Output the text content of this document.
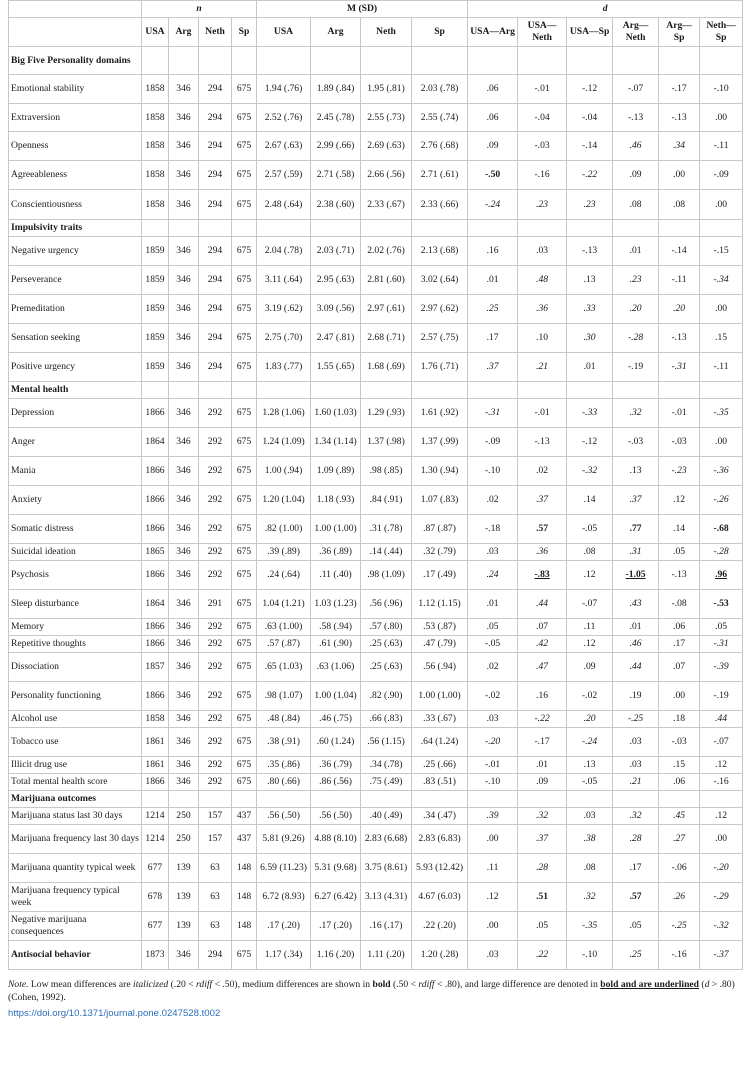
	n				M (SD)				d					
	USA	Arg	Neth	Sp	USA	Arg	Neth	Sp	USA—Arg	USA—Neth	USA—Sp	Arg—Neth	Arg—Sp	Neth—Sp
Big Five Personality domains														
Emotional stability	1858	346	294	675	1.94 (.76)	1.89 (.84)	1.95 (.81)	2.03 (.78)	.06	-.01	-.12	-.07	-.17	-.10
Extraversion	1858	346	294	675	2.52 (.76)	2.45 (.78)	2.55 (.73)	2.55 (.74)	.06	-.04	-.04	-.13	-.13	.00
Openness	1858	346	294	675	2.67 (.63)	2.99 (.66)	2.69 (.63)	2.76 (.68)	.09	-.03	-.14	.46	.34	-.11
Agreeableness	1858	346	294	675	2.57 (.59)	2.71 (.58)	2.66 (.56)	2.71 (.61)	-.50	-.16	-.22	.09	.00	-.09
Conscientiousness	1858	346	294	675	2.48 (.64)	2.38 (.60)	2.33 (.67)	2.33 (.66)	-.24	.23	.23	.08	.08	.00
Impulsivity traits														
Negative urgency	1859	346	294	675	2.04 (.78)	2.03 (.71)	2.02 (.76)	2.13 (.68)	.16	.03	-.13	.01	-.14	-.15
Perseverance	1859	346	294	675	3.11 (.64)	2.95 (.63)	2.81 (.60)	3.02 (.64)	.01	.48	.13	.23	-.11	-.34
Premeditation	1859	346	294	675	3.19 (.62)	3.09 (.56)	2.97 (.61)	2.97 (.62)	.25	.36	.33	.20	.20	.00
Sensation seeking	1859	346	294	675	2.75 (.70)	2.47 (.81)	2.68 (.71)	2.57 (.75)	.17	.10	.30	-.28	-.13	.15
Positive urgency	1859	346	294	675	1.83 (.77)	1.55 (.65)	1.68 (.69)	1.76 (.71)	.37	.21	.01	-.19	-.31	-.11
Mental health														
Depression	1866	346	292	675	1.28 (1.06)	1.60 (1.03)	1.29 (.93)	1.61 (.92)	-.31	-.01	-.33	.32	-.01	-.35
Anger	1864	346	292	675	1.24 (1.09)	1.34 (1.14)	1.37 (.98)	1.37 (.99)	-.09	-.13	-.12	-.03	-.03	.00
Mania	1866	346	292	675	1.00 (.94)	1.09 (.89)	.98 (.85)	1.30 (.94)	-.10	.02	-.32	.13	-.23	-.36
Anxiety	1866	346	292	675	1.20 (1.04)	1.18 (.93)	.84 (.91)	1.07 (.83)	.02	.37	.14	.37	.12	-.26
Somatic distress	1866	346	292	675	.82 (1.00)	1.00 (1.00)	.31 (.78)	.87 (.87)	-.18	.57	-.05	.77	.14	-.68
Suicidal ideation	1865	346	292	675	.39 (.89)	.36 (.89)	.14 (.44)	.32 (.79)	.03	.36	.08	.31	.05	-.28
Psychosis	1866	346	292	675	.24 (.64)	.11 (.40)	.98 (1.09)	.17 (.49)	.24	-.83	.12	-1.05	-.13	.96
Sleep disturbance	1864	346	291	675	1.04 (1.21)	1.03 (1.23)	.56 (.96)	1.12 (1.15)	.01	.44	-.07	.43	-.08	-.53
Memory	1866	346	292	675	.63 (1.00)	.58 (.94)	.57 (.80)	.53 (.87)	.05	.07	.11	.01	.06	.05
Repetitive thoughts	1866	346	292	675	.57 (.87)	.61 (.90)	.25 (.63)	.47 (.79)	-.05	.42	.12	.46	.17	-.31
Dissociation	1857	346	292	675	.65 (1.03)	.63 (1.06)	.25 (.63)	.56 (.94)	.02	.47	.09	.44	.07	-.39
Personality functioning	1866	346	292	675	.98 (1.07)	1.00 (1.04)	.82 (.90)	1.00 (1.00)	-.02	.16	-.02	.19	.00	-.19
Alcohol use	1858	346	292	675	.48 (.84)	.46 (.75)	.66 (.83)	.33 (.67)	.03	-.22	.20	-.25	.18	.44
Tobacco use	1861	346	292	675	.38 (.91)	.60 (1.24)	.56 (1.15)	.64 (1.24)	-.20	-.17	-.24	.03	-.03	-.07
Illicit drug use	1861	346	292	675	.35 (.86)	.36 (.79)	.34 (.78)	.25 (.66)	-.01	.01	.13	.03	.15	.12
Total mental health score	1866	346	292	675	.80 (.66)	.86 (.56)	.75 (.49)	.83 (.51)	-.10	.09	-.05	.21	.06	-.16
Marijuana outcomes														
Marijuana status last 30 days	1214	250	157	437	.56 (.50)	.56 (.50)	.40 (.49)	.34 (.47)	.39	.32	.03	.32	.45	.12
Marijuana frequency last 30 days	1214	250	157	437	5.81 (9.26)	4.88 (8.10)	2.83 (6.68)	2.83 (6.83)	.00	.37	.38	.28	.27	.00
Marijuana quantity typical week	677	139	63	148	6.59 (11.23)	5.31 (9.68)	3.75 (8.61)	5.93 (12.42)	.11	.28	.08	.17	-.06	-.20
Marijuana frequency typical week	678	139	63	148	6.72 (8.93)	6.27 (6.42)	3.13 (4.31)	4.67 (6.03)	.12	.51	.32	.57	.26	-.29
Negative marijuana consequences	677	139	63	148	.17 (.20)	.17 (.20)	.16 (.17)	.22 (.20)	.00	.05	-.35	.05	-.25	-.32
Antisocial behavior	1873	346	294	675	1.17 (.34)	1.16 (.20)	1.11 (.20)	1.20 (.28)	.03	.22	-.10	.25	-.16	-.37
Note. Low mean differences are italicized (.20 < rdiff < .50), medium differences are shown in bold (.50 < rdiff < .80), and large difference are denoted in bold and are underlined (d > .80) (Cohen, 1992).
https://doi.org/10.1371/journal.pone.0247528.t002
